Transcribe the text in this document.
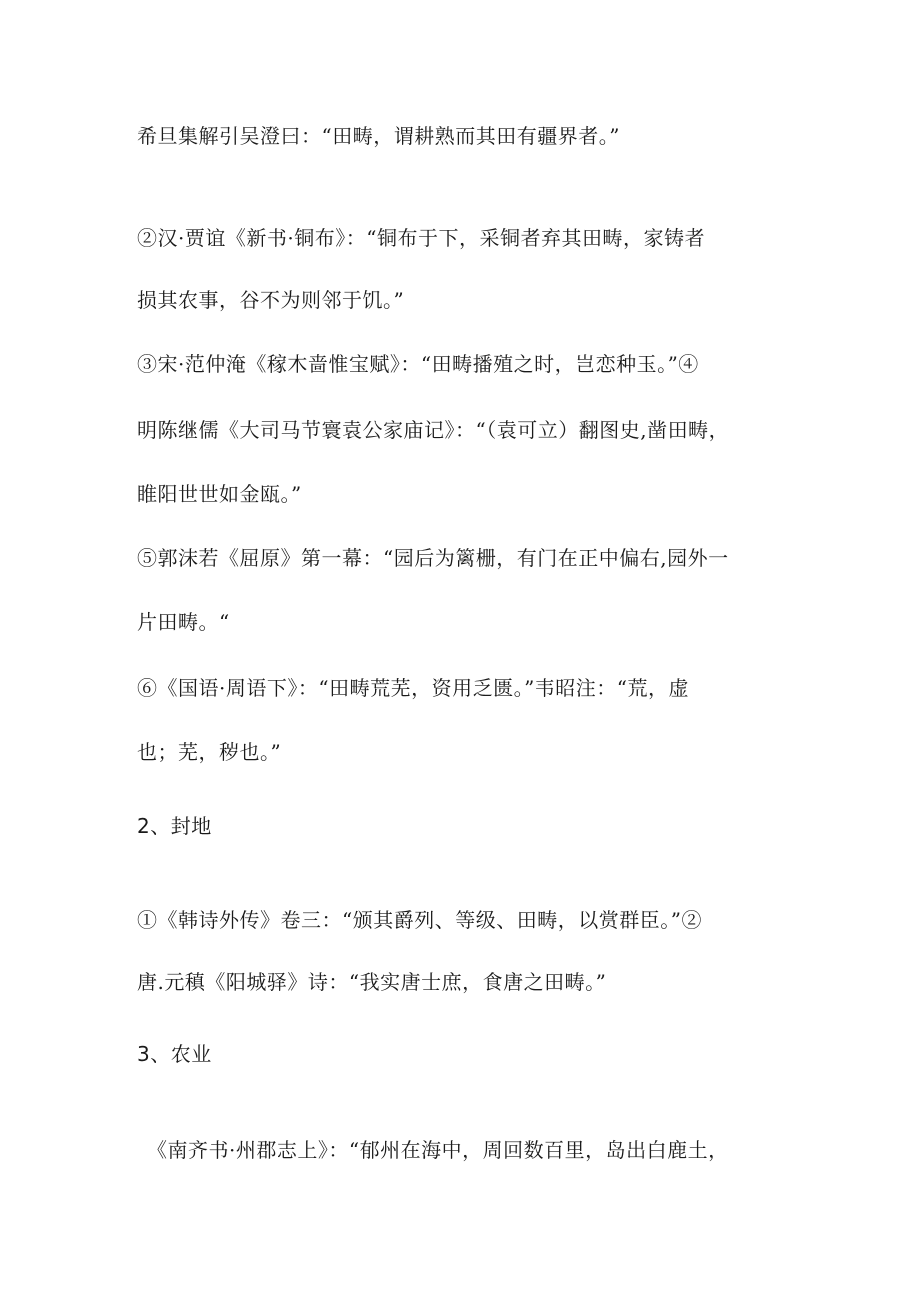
希旦集解引吴澄曰：“田畴，谓耕熟而其田有疆界者。”
②汉·贾谊《新书·铜布》：“铜布于下，采铜者弃其田畴，家铸者
损其农事，谷不为则邻于饥。”
③宋·范仲淹《稼木啬惟宝赋》：“田畴播殖之时，岂恋种玉。”④
明陈继儒《大司马节寰袁公家庙记》：“（袁可立）翻图史,凿田畴，
睢阳世世如金瓯。”
⑤郭沫若《屈原》第一幕：“园后为篱栅，有门在正中偏右,园外一
片田畴。“
⑥《国语·周语下》：“田畴荒芜，资用乏匮。”韦昭注：“荒，虚
也；芜，秽也。”
2、封地
①《韩诗外传》卷三：“颁其爵列、等级、田畴，以赏群臣。”②
唐.元稹《阳城驿》诗：“我实唐士庶，食唐之田畴。”
3、农业
《南齐书·州郡志上》：“郁州在海中，周回数百里，岛出白鹿土，
